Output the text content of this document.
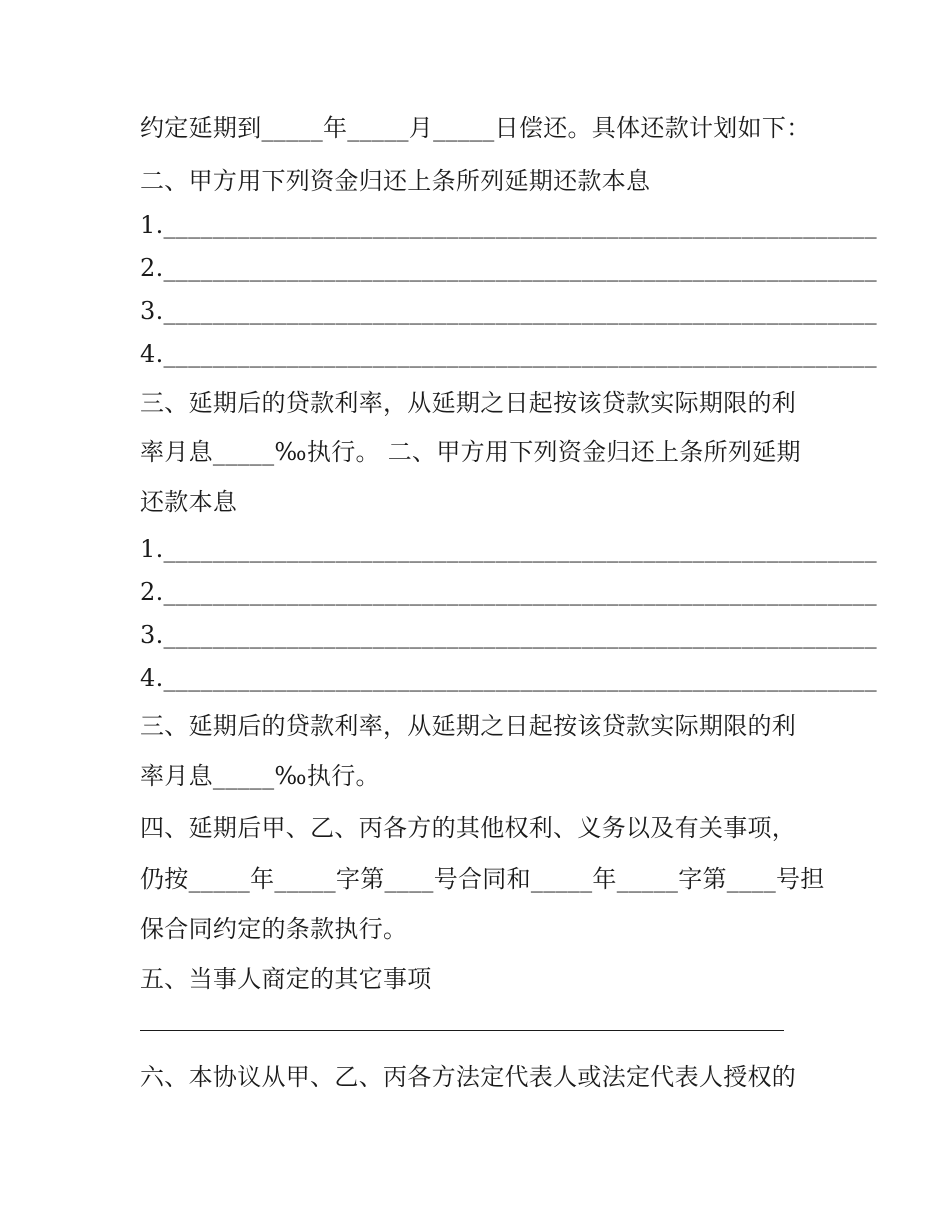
约定延期到_____年_____月_____日偿还。具体还款计划如下：
二、甲方用下列资金归还上条所列延期还款本息
1.__________________________________________________________
2.__________________________________________________________
3.__________________________________________________________
4.__________________________________________________________
三、延期后的贷款利率，从延期之日起按该贷款实际期限的利
率月息_____‰执行。 二、甲方用下列资金归还上条所列延期
还款本息
1.__________________________________________________________
2.__________________________________________________________
3.__________________________________________________________
4.__________________________________________________________
三、延期后的贷款利率，从延期之日起按该贷款实际期限的利
率月息_____‰执行。
四、延期后甲、乙、丙各方的其他权利、义务以及有关事项，
仍按_____年_____字第____号合同和_____年_____字第____号担
保合同约定的条款执行。
五、当事人商定的其它事项
六、本协议从甲、乙、丙各方法定代表人或法定代表人授权的
